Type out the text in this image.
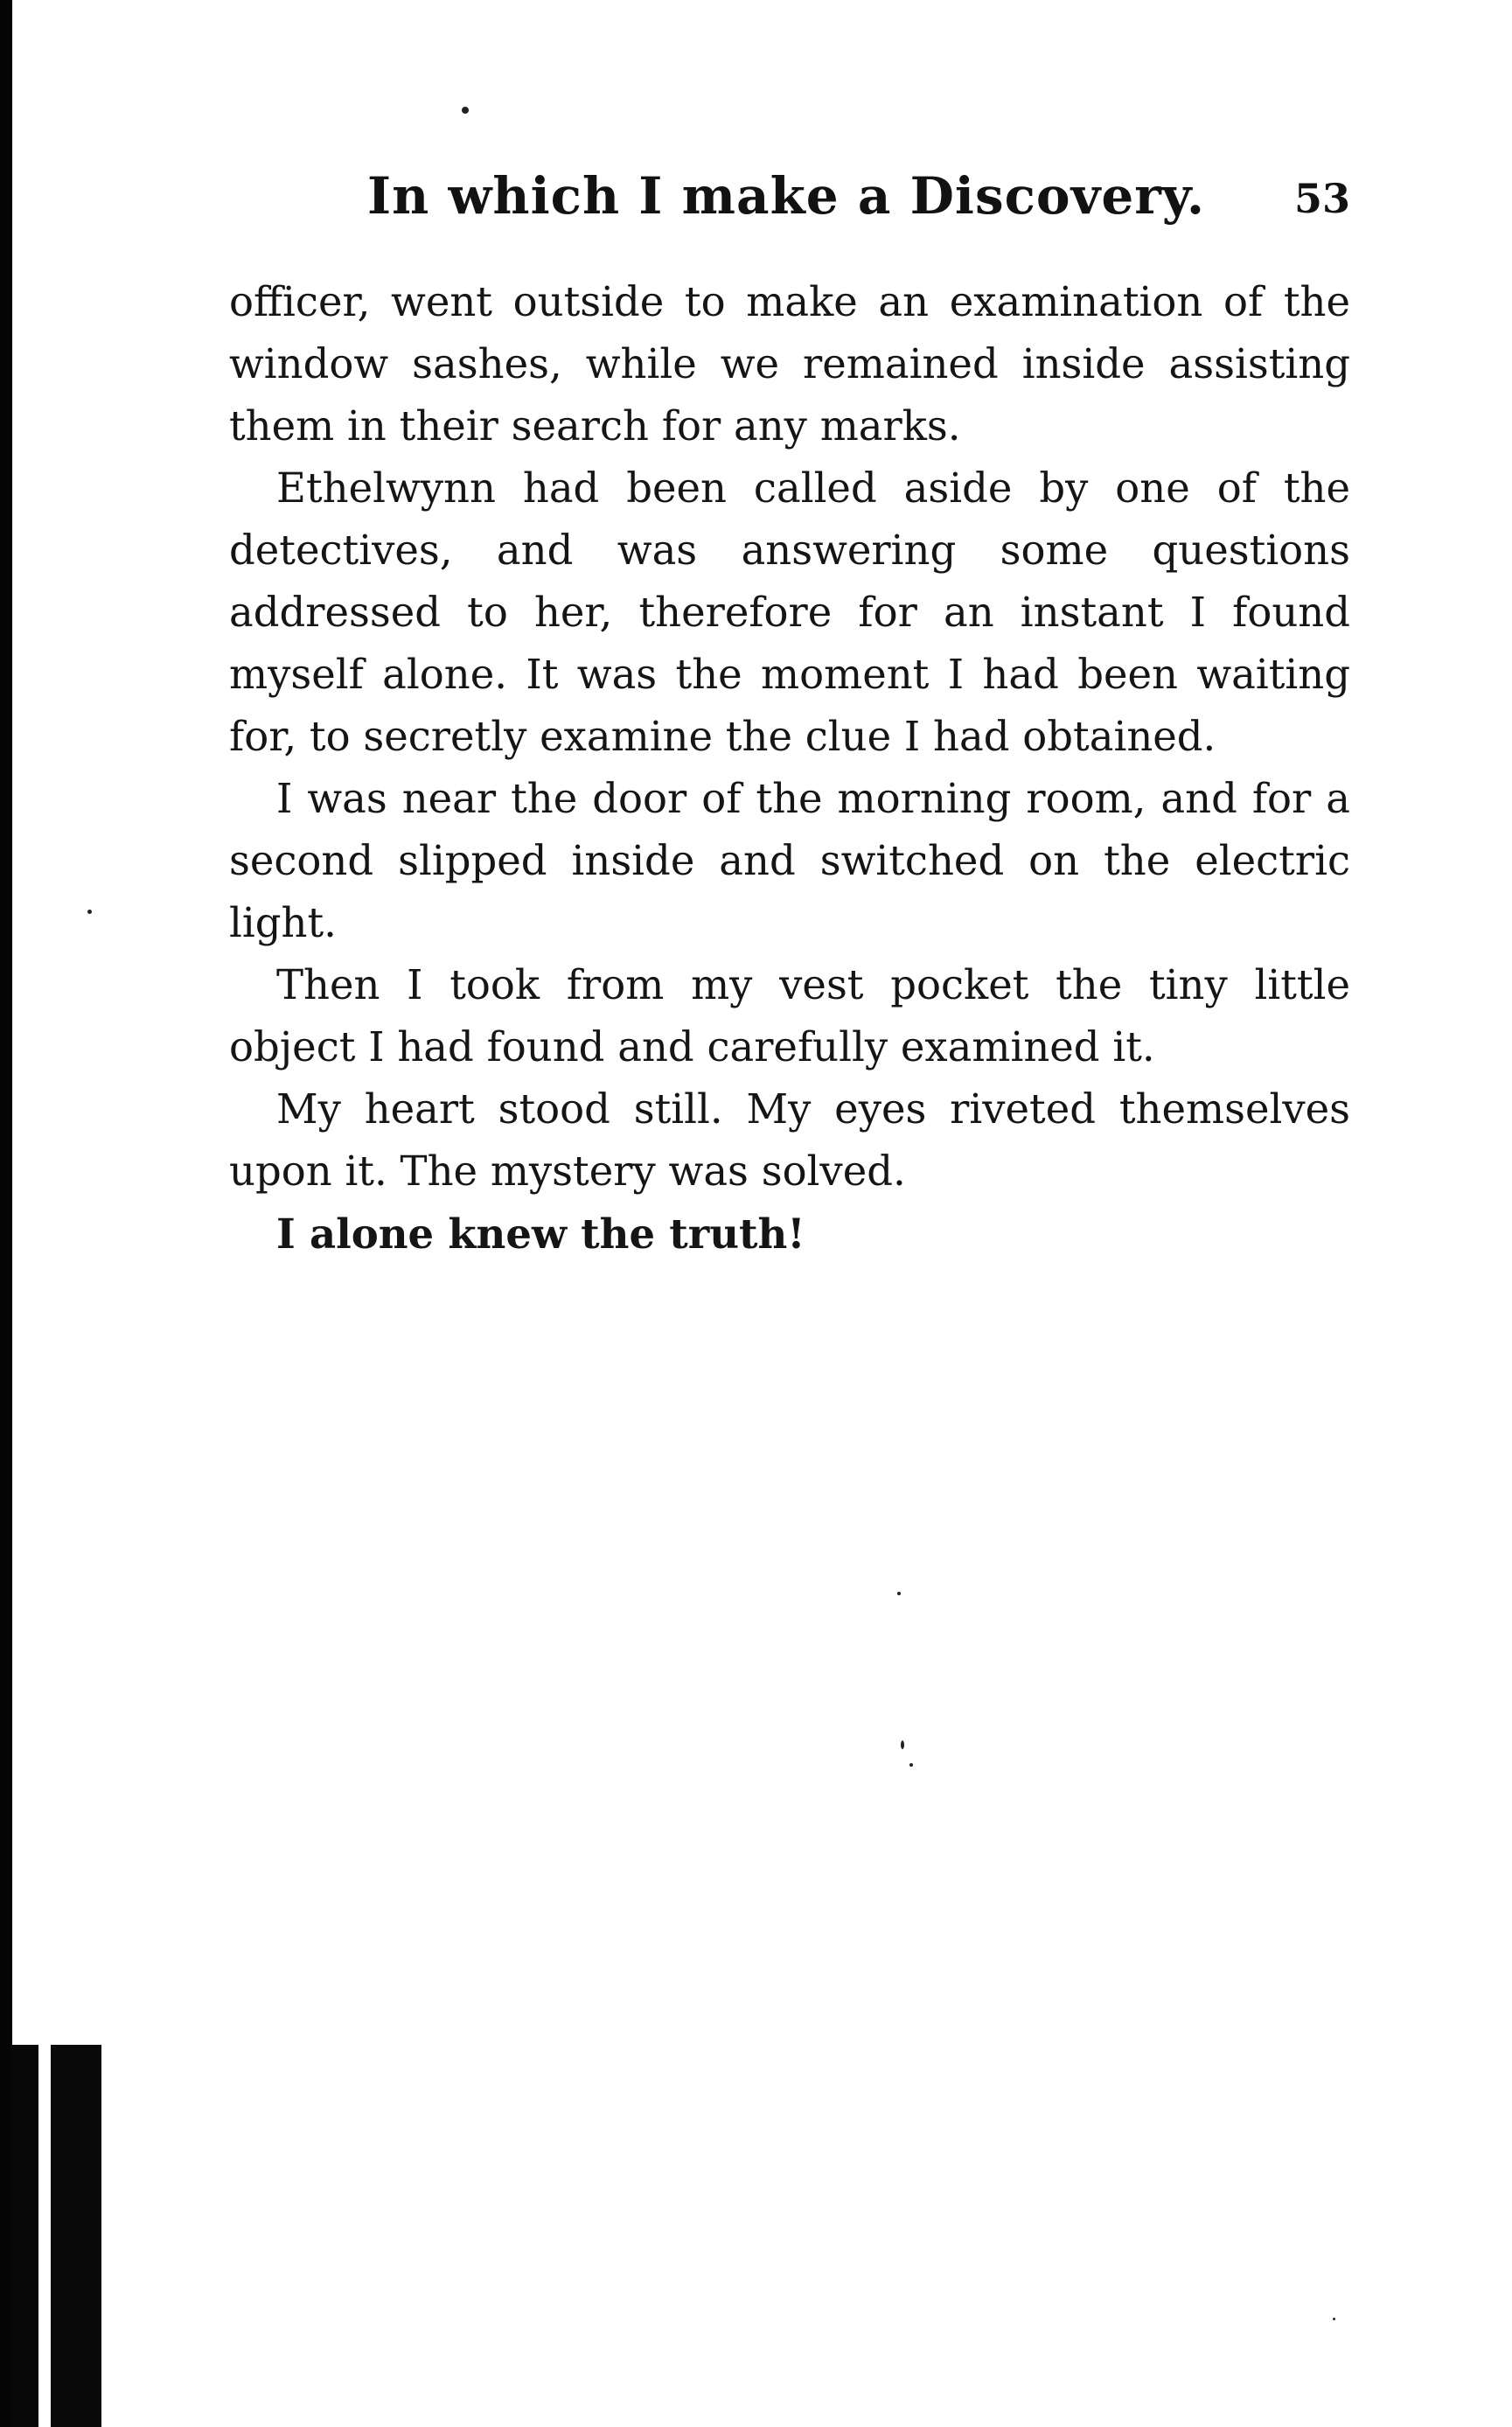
In which I make a Discovery. 53

officer, went outside to make an examination of the window sashes, while we remained inside assisting them in their search for any marks.

Ethelwynn had been called aside by one of the detectives, and was answering some questions addressed to her, therefore for an instant I found myself alone. It was the moment I had been waiting for, to secretly examine the clue I had obtained.

I was near the door of the morning room, and for a second slipped inside and switched on the electric light.

Then I took from my vest pocket the tiny little object I had found and carefully examined it.

My heart stood still. My eyes riveted themselves upon it. The mystery was solved.

I alone knew the truth!
